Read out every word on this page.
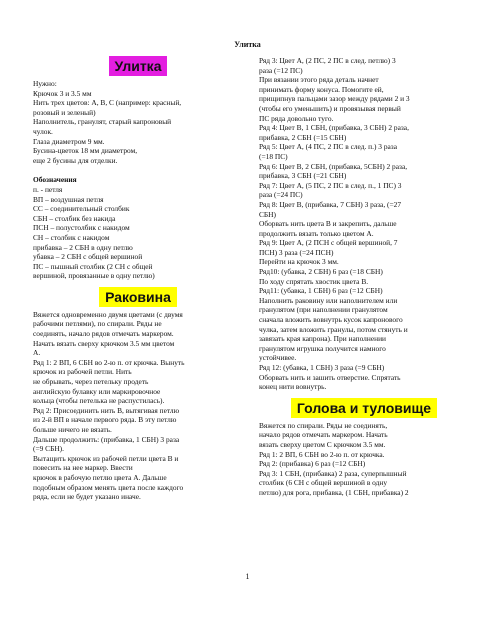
Улитка
Улитка
Нужно:
Крючок 3 и 3.5 мм
Нить трех цветов: A, B, C (например: красный,
розовый и зеленый)
Наполнитель, гранулят, старый капроновый
чулок.
Глаза диаметром 9 мм.
Бусина-цветок 18 мм диаметром,
еще 2 бусины для отделки.
Обозначения
п. - петля
ВП – воздушная петля
СС – соединительный столбик
СБН – столбик без накида
ПСН – полустолбик с накидом
СН – столбик с накидом
прибавка – 2 СБН в одну петлю
убавка – 2 СБН с общей вершиной
ПС – пышный столбик (2 СН с общей
вершиной, провязанные в одну петлю)
Раковина
Вяжется одновременно двумя цветами (с двумя
рабочими петлями), по спирали. Ряды не
соединять, начало рядов отмечать маркером.
Начать вязать сверху крючком 3.5 мм цветом
А.
Ряд 1: 2 ВП, 6 СБН во 2-ю п. от крючка. Вынуть
крючок из рабочей петли. Нить
не обрывать, через петельку продеть
английскую булавку или маркировочное
кольца (чтобы петелька не распустилась).
Ряд 2: Присоединить нить В, вытягивая петлю
из 2-й ВП в начале первого ряда. В эту петлю
больше ничего не вязать.
Дальше продолжить: (прибавка, 1 СБН) 3 раза
(=9 СБН).
Вытащить крючок из рабочей петли цвета В и
повесить на нее маркер. Ввести
крючок в рабочую петлю цвета А. Дальше
подобным образом менять цвета после каждого
ряда, если не будет указано иначе.
Ряд 3: Цвет А, (2 ПС, 2 ПС в след. петлю) 3
раза (=12 ПС)
При вязании этого ряда деталь начнет
принимать форму конуса. Помогите ей,
прищипнув пальцами зазор между рядами 2 и 3
(чтобы его уменьшить) и провязывая первый
ПС ряда довольно туго.
Ряд 4: Цвет В, 1 СБН, (прибавка, 3 СБН) 2 раза,
прибавка, 2 СБН (=15 СБН)
Ряд 5: Цвет А, (4 ПС, 2 ПС в след. п.) 3 раза
(=18 ПС)
Ряд 6: Цвет В, 2 СБН, (прибавка, 5СБН) 2 раза,
прибавка, 3 СБН (=21 СБН)
Ряд 7: Цвет А, (5 ПС, 2 ПС в след. п., 1 ПС) 3
раза (=24 ПС)
Ряд 8: Цвет В, (прибавка, 7 СБН) 3 раза, (=27
СБН)
Оборвать нить цвета В и закрепить, дальше
продолжить вязать только цветом А.
Ряд 9: Цвет А, (2 ПСН с общей вершиной, 7
ПСН) 3 раза (=24 ПСН)
Перейти на крючок 3 мм.
Ряд10: (убавка, 2 СБН) 6 раз (=18 СБН)
По ходу спрятать хвостик цвета В.
Ряд11: (убавка, 1 СБН) 6 раз (=12 СБН)
Наполнить раковину или наполнителем или
гранулятом (при наполнении гранулятом
сначала вложить вовнутрь кусок капронового
чулка, затем вложить гранулы, потом стянуть и
завязать края капрона). При наполнении
гранулятом игрушка получится намного
устойчивее.
Ряд 12: (убавка, 1 СБН) 3 раза (=9 СБН)
Оборвать нить и зашить отверстие. Спрятать
конец нити вовнутрь.
Голова и туловище
Вяжется по спирали. Ряды не соединять,
начало рядов отмечать маркером. Начать
вязать сверху цветом С крючком 3.5 мм.
Ряд 1: 2 ВП, 6 СБН во 2-ю п. от крючка.
Ряд 2: (прибавка) 6 раз (=12 СБН)
Ряд 3: 1 СБН, (прибавка) 2 раза, суперпышный
столбик (6 СН с общей вершиной в одну
петлю) для рога, прибавка, (1 СБН, прибавка) 2
1
